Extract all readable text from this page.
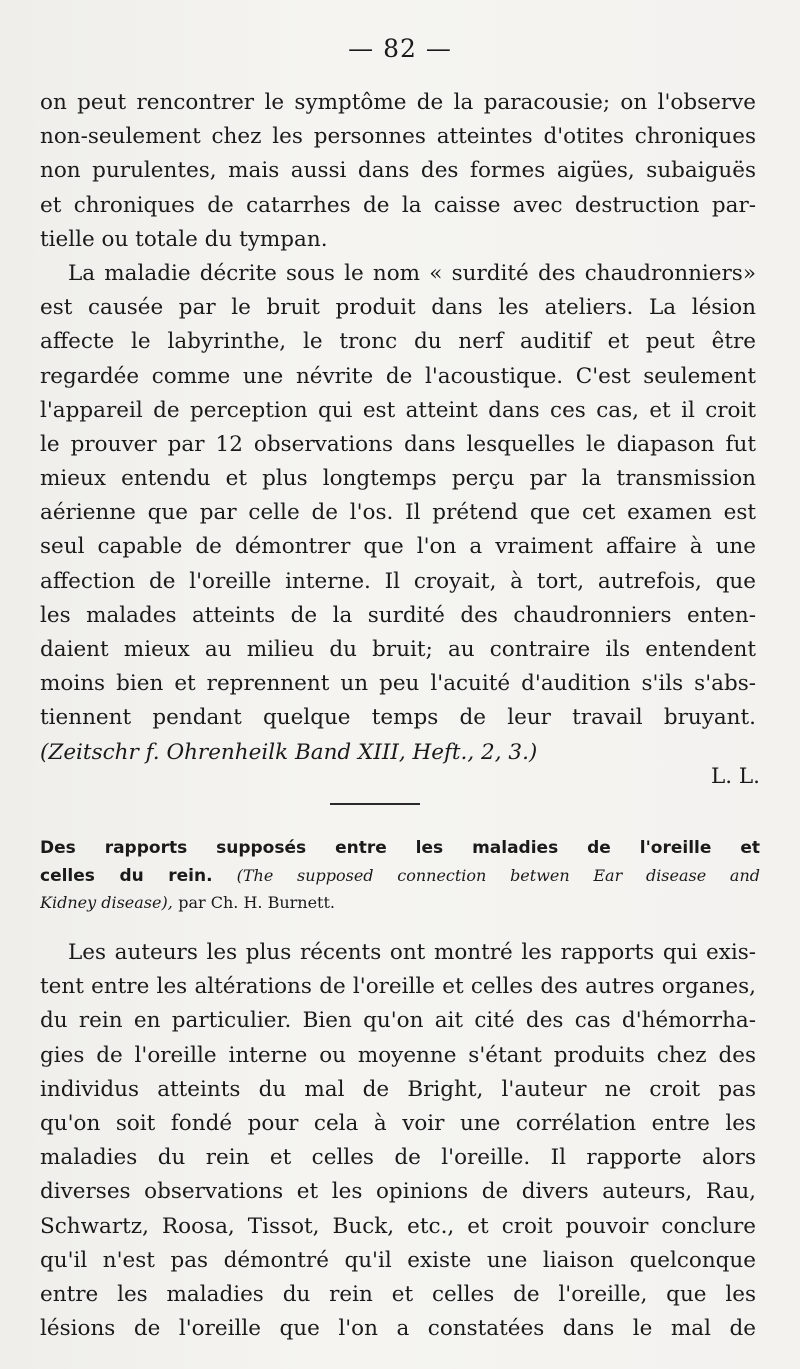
— 82 —
on peut rencontrer le symptôme de la paracousie; on l'observe
non-seulement chez les personnes atteintes d'otites chroniques
non purulentes, mais aussi dans des formes aigües, subaiguës
et chroniques de catarrhes de la caisse avec destruction par-
tielle ou totale du tympan.
La maladie décrite sous le nom « surdité des chaudronniers»
est causée par le bruit produit dans les ateliers. La lésion
affecte le labyrinthe, le tronc du nerf auditif et peut être
regardée comme une névrite de l'acoustique. C'est seulement
l'appareil de perception qui est atteint dans ces cas, et il croit
le prouver par 12 observations dans lesquelles le diapason fut
mieux entendu et plus longtemps perçu par la transmission
aérienne que par celle de l'os. Il prétend que cet examen est
seul capable de démontrer que l'on a vraiment affaire à une
affection de l'oreille interne. Il croyait, à tort, autrefois, que
les malades atteints de la surdité des chaudronniers enten-
daient mieux au milieu du bruit; au contraire ils entendent
moins bien et reprennent un peu l'acuité d'audition s'ils s'abs-
tiennent pendant quelque temps de leur travail bruyant.
(Zeitschr f. Ohrenheilk Band XIII, Heft., 2, 3.)
L. L.
Des rapports supposés entre les maladies de l'oreille et
celles du rein. (The supposed connection betwen Ear disease and
Kidney disease), par Ch. H. Burnett.
Les auteurs les plus récents ont montré les rapports qui exis-
tent entre les altérations de l'oreille et celles des autres organes,
du rein en particulier. Bien qu'on ait cité des cas d'hémorrha-
gies de l'oreille interne ou moyenne s'étant produits chez des
individus atteints du mal de Bright, l'auteur ne croit pas
qu'on soit fondé pour cela à voir une corrélation entre les
maladies du rein et celles de l'oreille. Il rapporte alors
diverses observations et les opinions de divers auteurs, Rau,
Schwartz, Roosa, Tissot, Buck, etc., et croit pouvoir conclure
qu'il n'est pas démontré qu'il existe une liaison quelconque
entre les maladies du rein et celles de l'oreille, que les
lésions de l'oreille que l'on a constatées dans le mal de
